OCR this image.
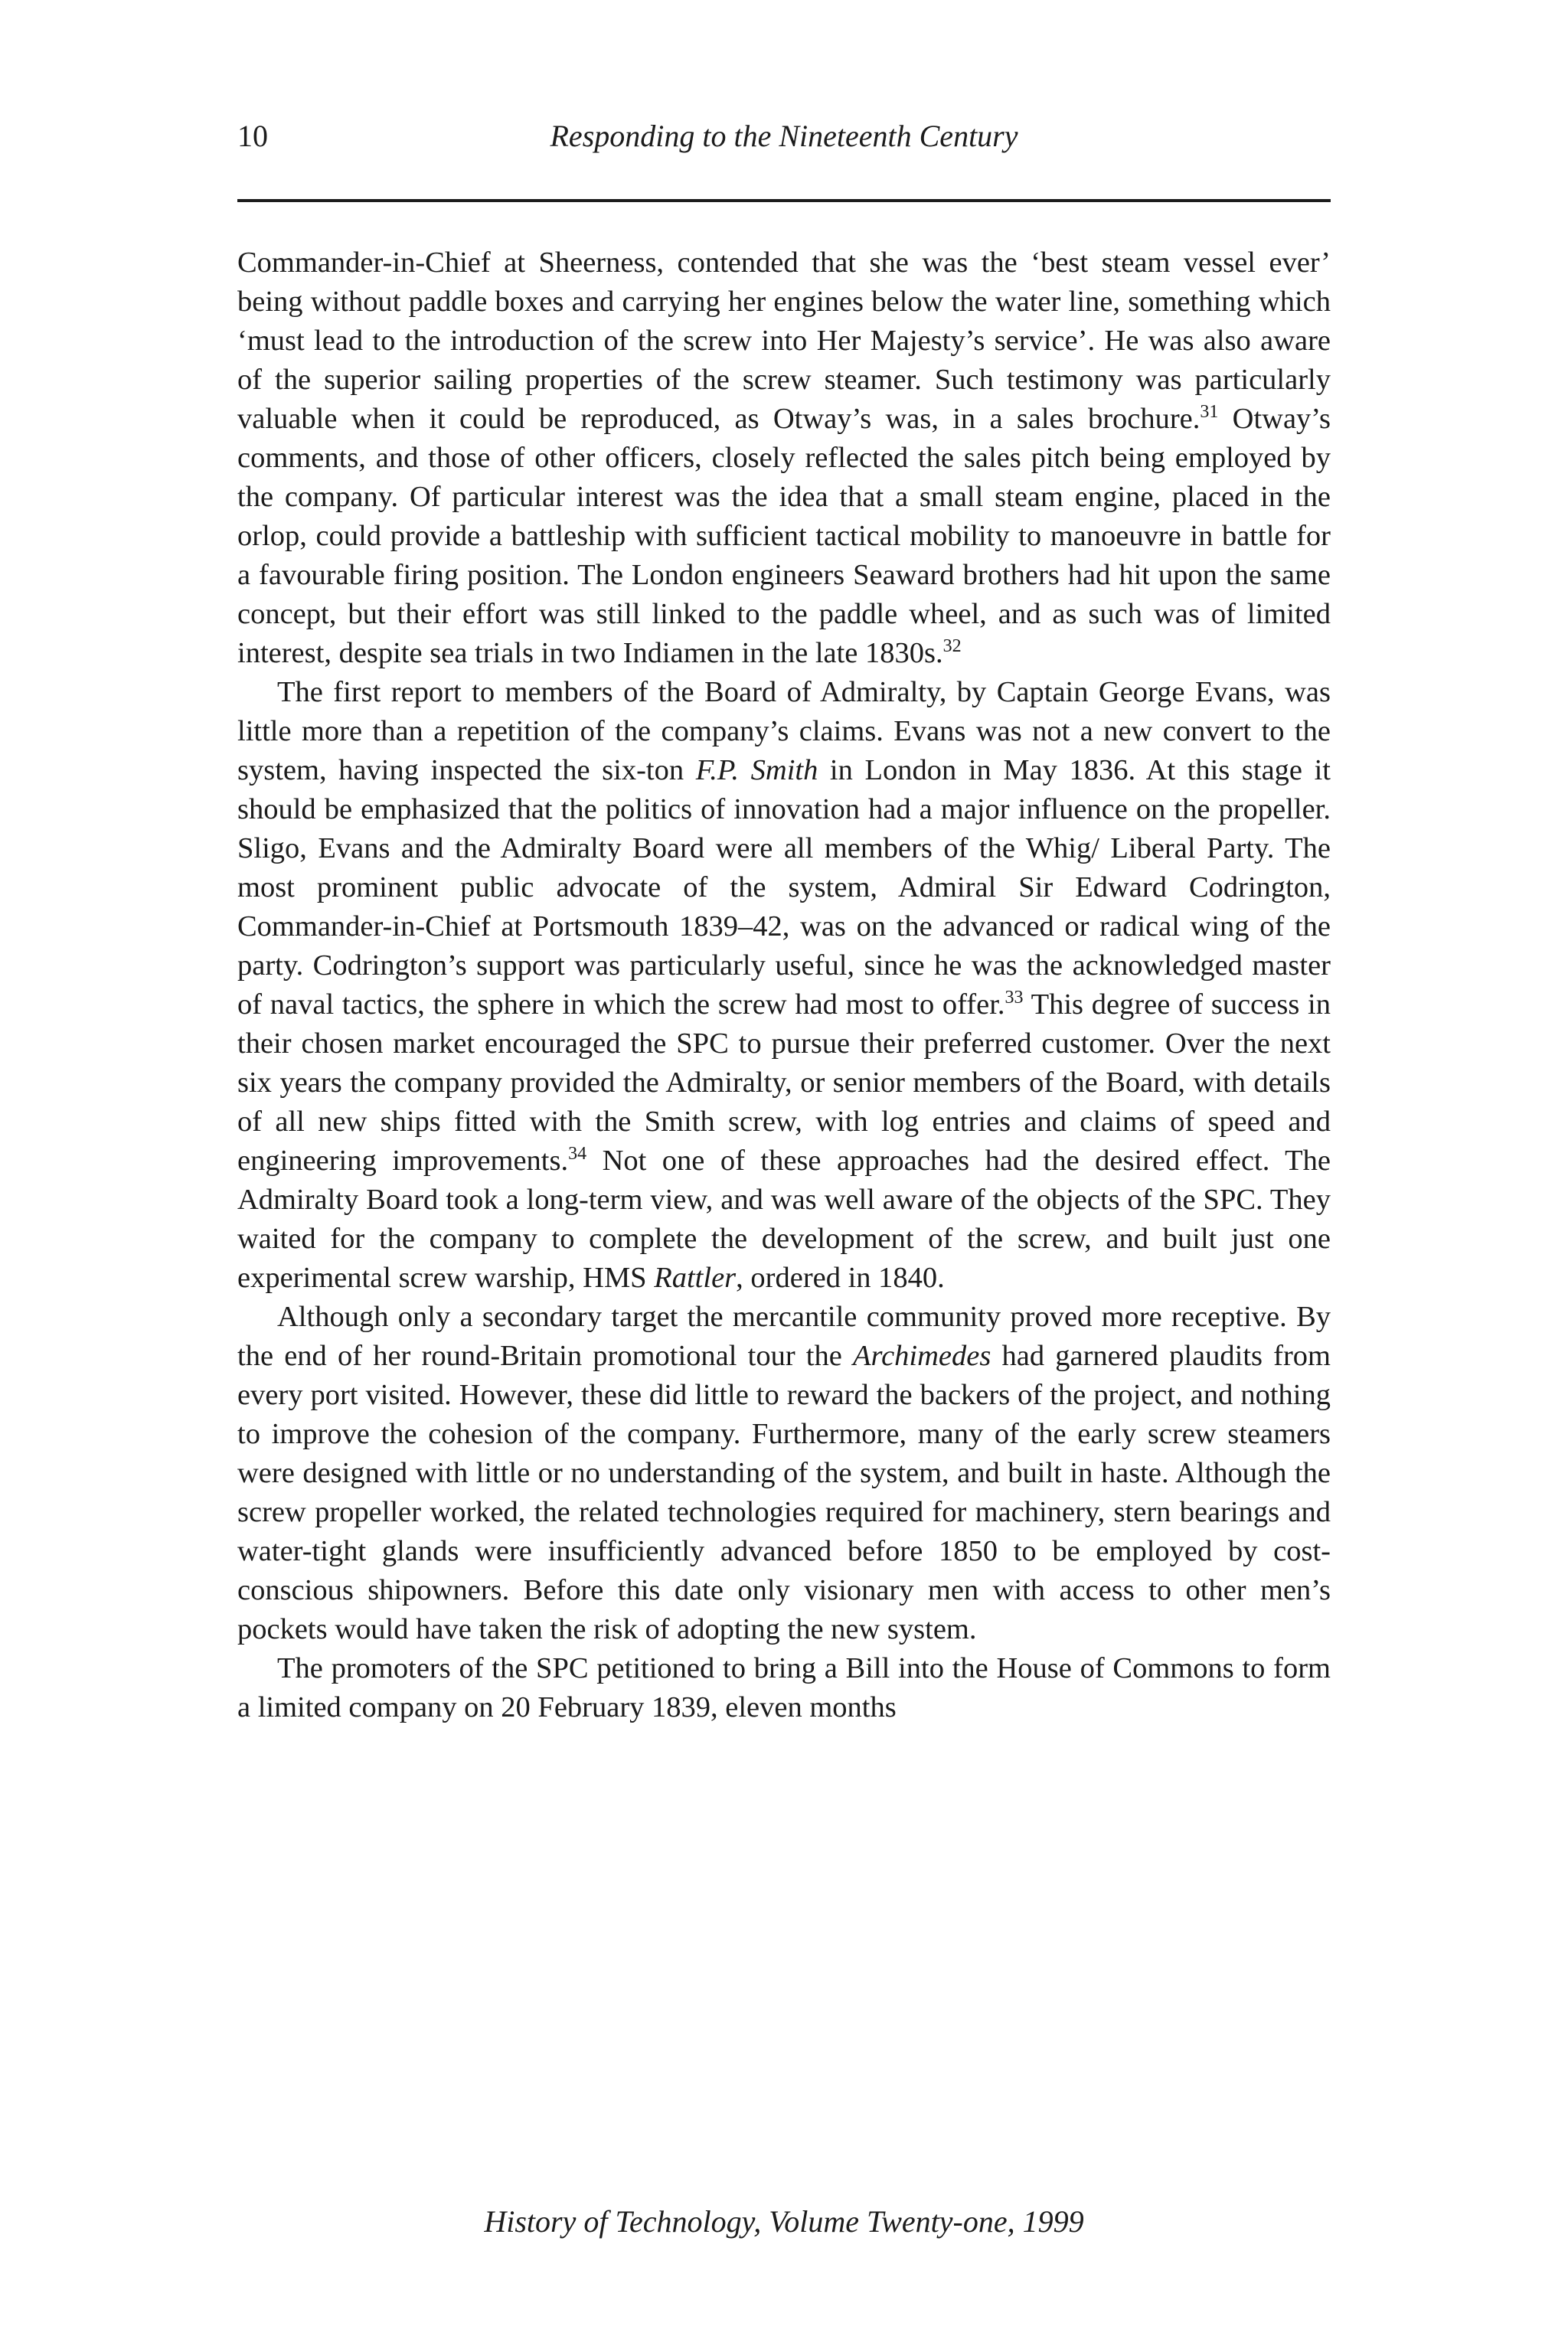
10	Responding to the Nineteenth Century

Commander-in-Chief at Sheerness, contended that she was the ‘best steam vessel ever’ being without paddle boxes and carrying her engines below the water line, something which ‘must lead to the introduction of the screw into Her Majesty’s service’. He was also aware of the superior sailing properties of the screw steamer. Such testimony was particularly valuable when it could be reproduced, as Otway’s was, in a sales brochure.$^{31}$ Otway’s comments, and those of other officers, closely reflected the sales pitch being employed by the company. Of particular interest was the idea that a small steam engine, placed in the orlop, could provide a battleship with sufficient tactical mobility to manoeuvre in battle for a favourable firing position. The London engineers Seaward brothers had hit upon the same concept, but their effort was still linked to the paddle wheel, and as such was of limited interest, despite sea trials in two Indiamen in the late 1830s.$^{32}$

The first report to members of the Board of Admiralty, by Captain George Evans, was little more than a repetition of the company’s claims. Evans was not a new convert to the system, having inspected the six-ton F.P. Smith in London in May 1836. At this stage it should be emphasized that the politics of innovation had a major influence on the propeller. Sligo, Evans and the Admiralty Board were all members of the Whig/ Liberal Party. The most prominent public advocate of the system, Admiral Sir Edward Codrington, Commander-in-Chief at Portsmouth 1839–42, was on the advanced or radical wing of the party. Codrington’s support was particularly useful, since he was the acknowledged master of naval tactics, the sphere in which the screw had most to offer.$^{33}$ This degree of success in their chosen market encouraged the SPC to pursue their preferred customer. Over the next six years the company provided the Admiralty, or senior members of the Board, with details of all new ships fitted with the Smith screw, with log entries and claims of speed and engineering improvements.$^{34}$ Not one of these approaches had the desired effect. The Admiralty Board took a long-term view, and was well aware of the objects of the SPC. They waited for the company to complete the development of the screw, and built just one experimental screw warship, HMS Rattler, ordered in 1840.

Although only a secondary target the mercantile community proved more receptive. By the end of her round-Britain promotional tour the Archimedes had garnered plaudits from every port visited. However, these did little to reward the backers of the project, and nothing to improve the cohesion of the company. Furthermore, many of the early screw steamers were designed with little or no understanding of the system, and built in haste. Although the screw propeller worked, the related technologies required for machinery, stern bearings and water-tight glands were insufficiently advanced before 1850 to be employed by cost-conscious shipowners. Before this date only visionary men with access to other men’s pockets would have taken the risk of adopting the new system.

The promoters of the SPC petitioned to bring a Bill into the House of Commons to form a limited company on 20 February 1839, eleven months

History of Technology, Volume Twenty-one, 1999
